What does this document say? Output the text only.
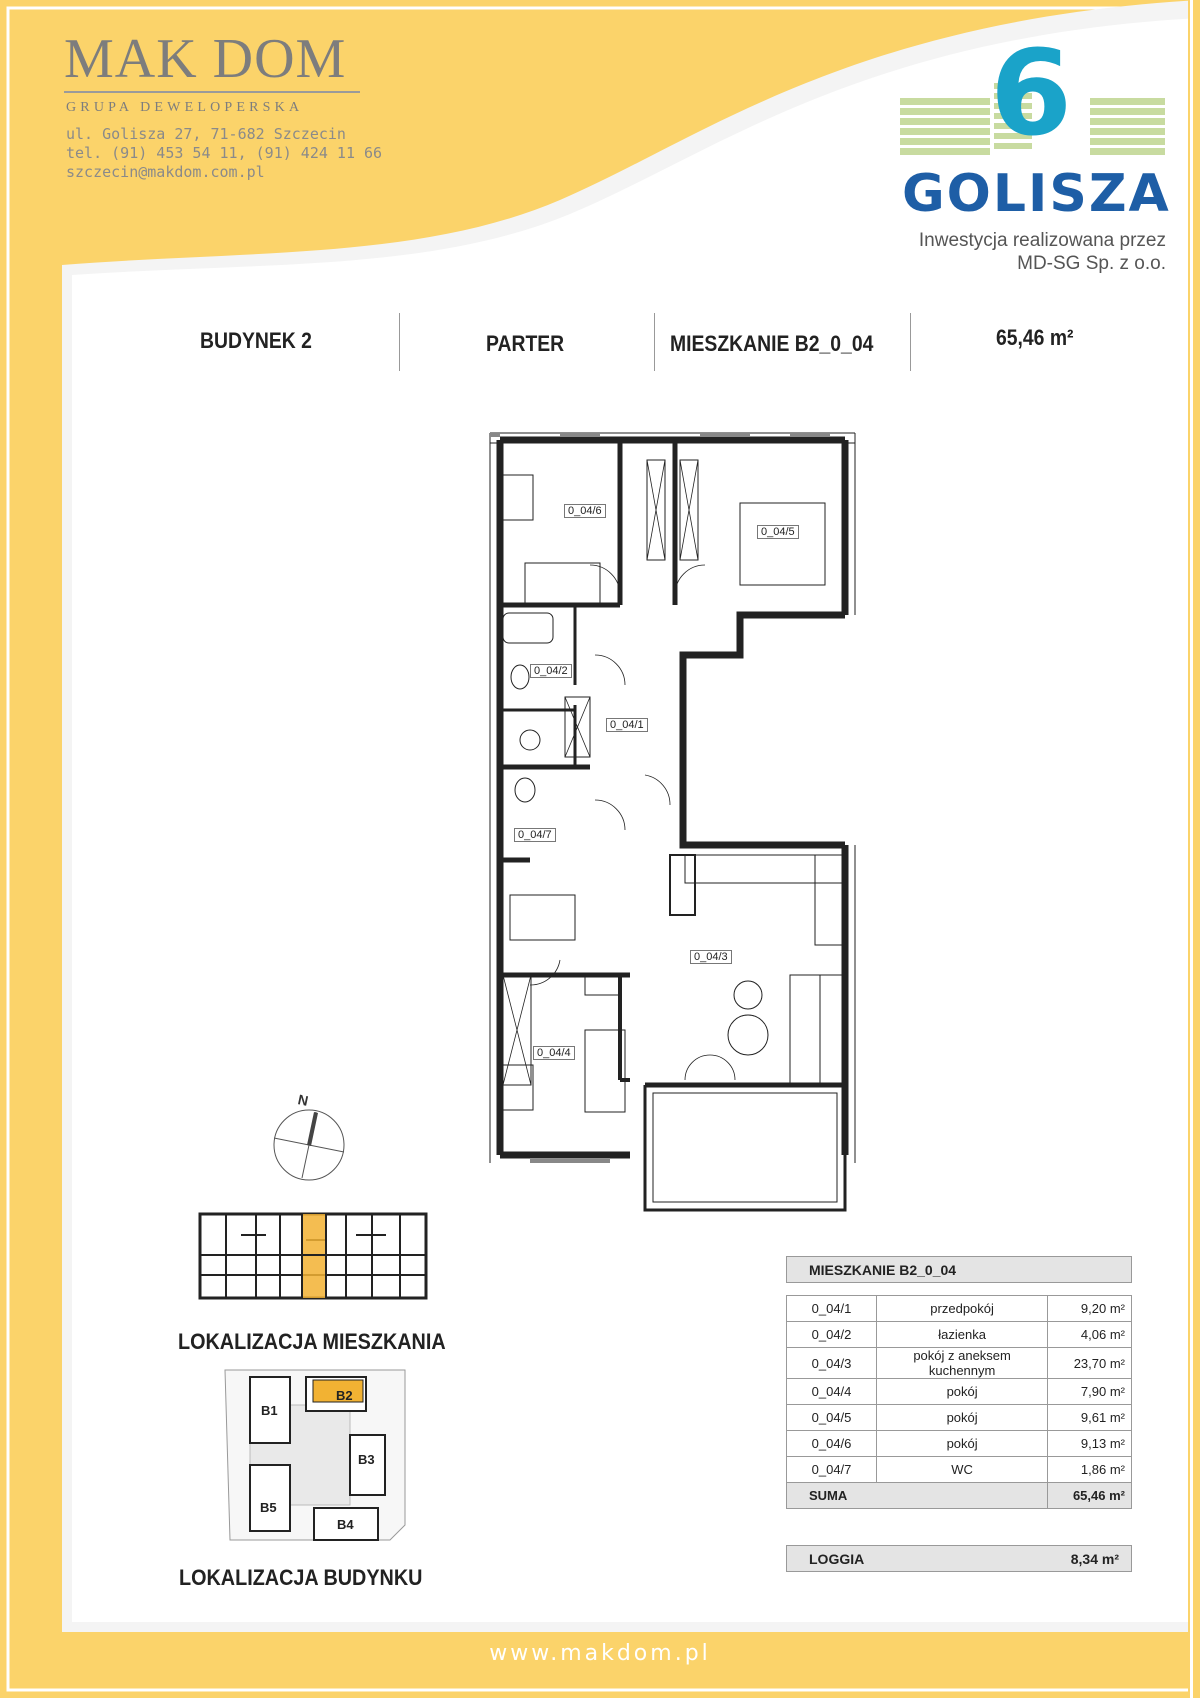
MAK DOM
GRUPA DEWELOPERSKA
ul. Golisza 27, 71-682 Szczecin
tel. (91) 453 54 11, (91) 424 11 66
szczecin@makdom.com.pl
6
GOLISZA
Inwestycja realizowana przez
MD-SG Sp. z o.o.
BUDYNEK 2	PARTER	MIESZKANIE B2_0_04	65,46 m²
0_04/6
0_04/5
0_04/2
0_04/1
0_04/7
0_04/3
0_04/4
N
LOKALIZACJA MIESZKANIA
B1
B2
B3
B4
B5
LOKALIZACJA BUDYNKU
MIESZKANIE B2_0_04
0_04/1	przedpokój	9,20 m²
0_04/2	łazienka	4,06 m²
0_04/3	pokój z aneksem kuchennym	23,70 m²
0_04/4	pokój	7,90 m²
0_04/5	pokój	9,61 m²
0_04/6	pokój	9,13 m²
0_04/7	WC	1,86 m²
SUMA		65,46 m²
LOGGIA	8,34 m²
www.makdom.pl
